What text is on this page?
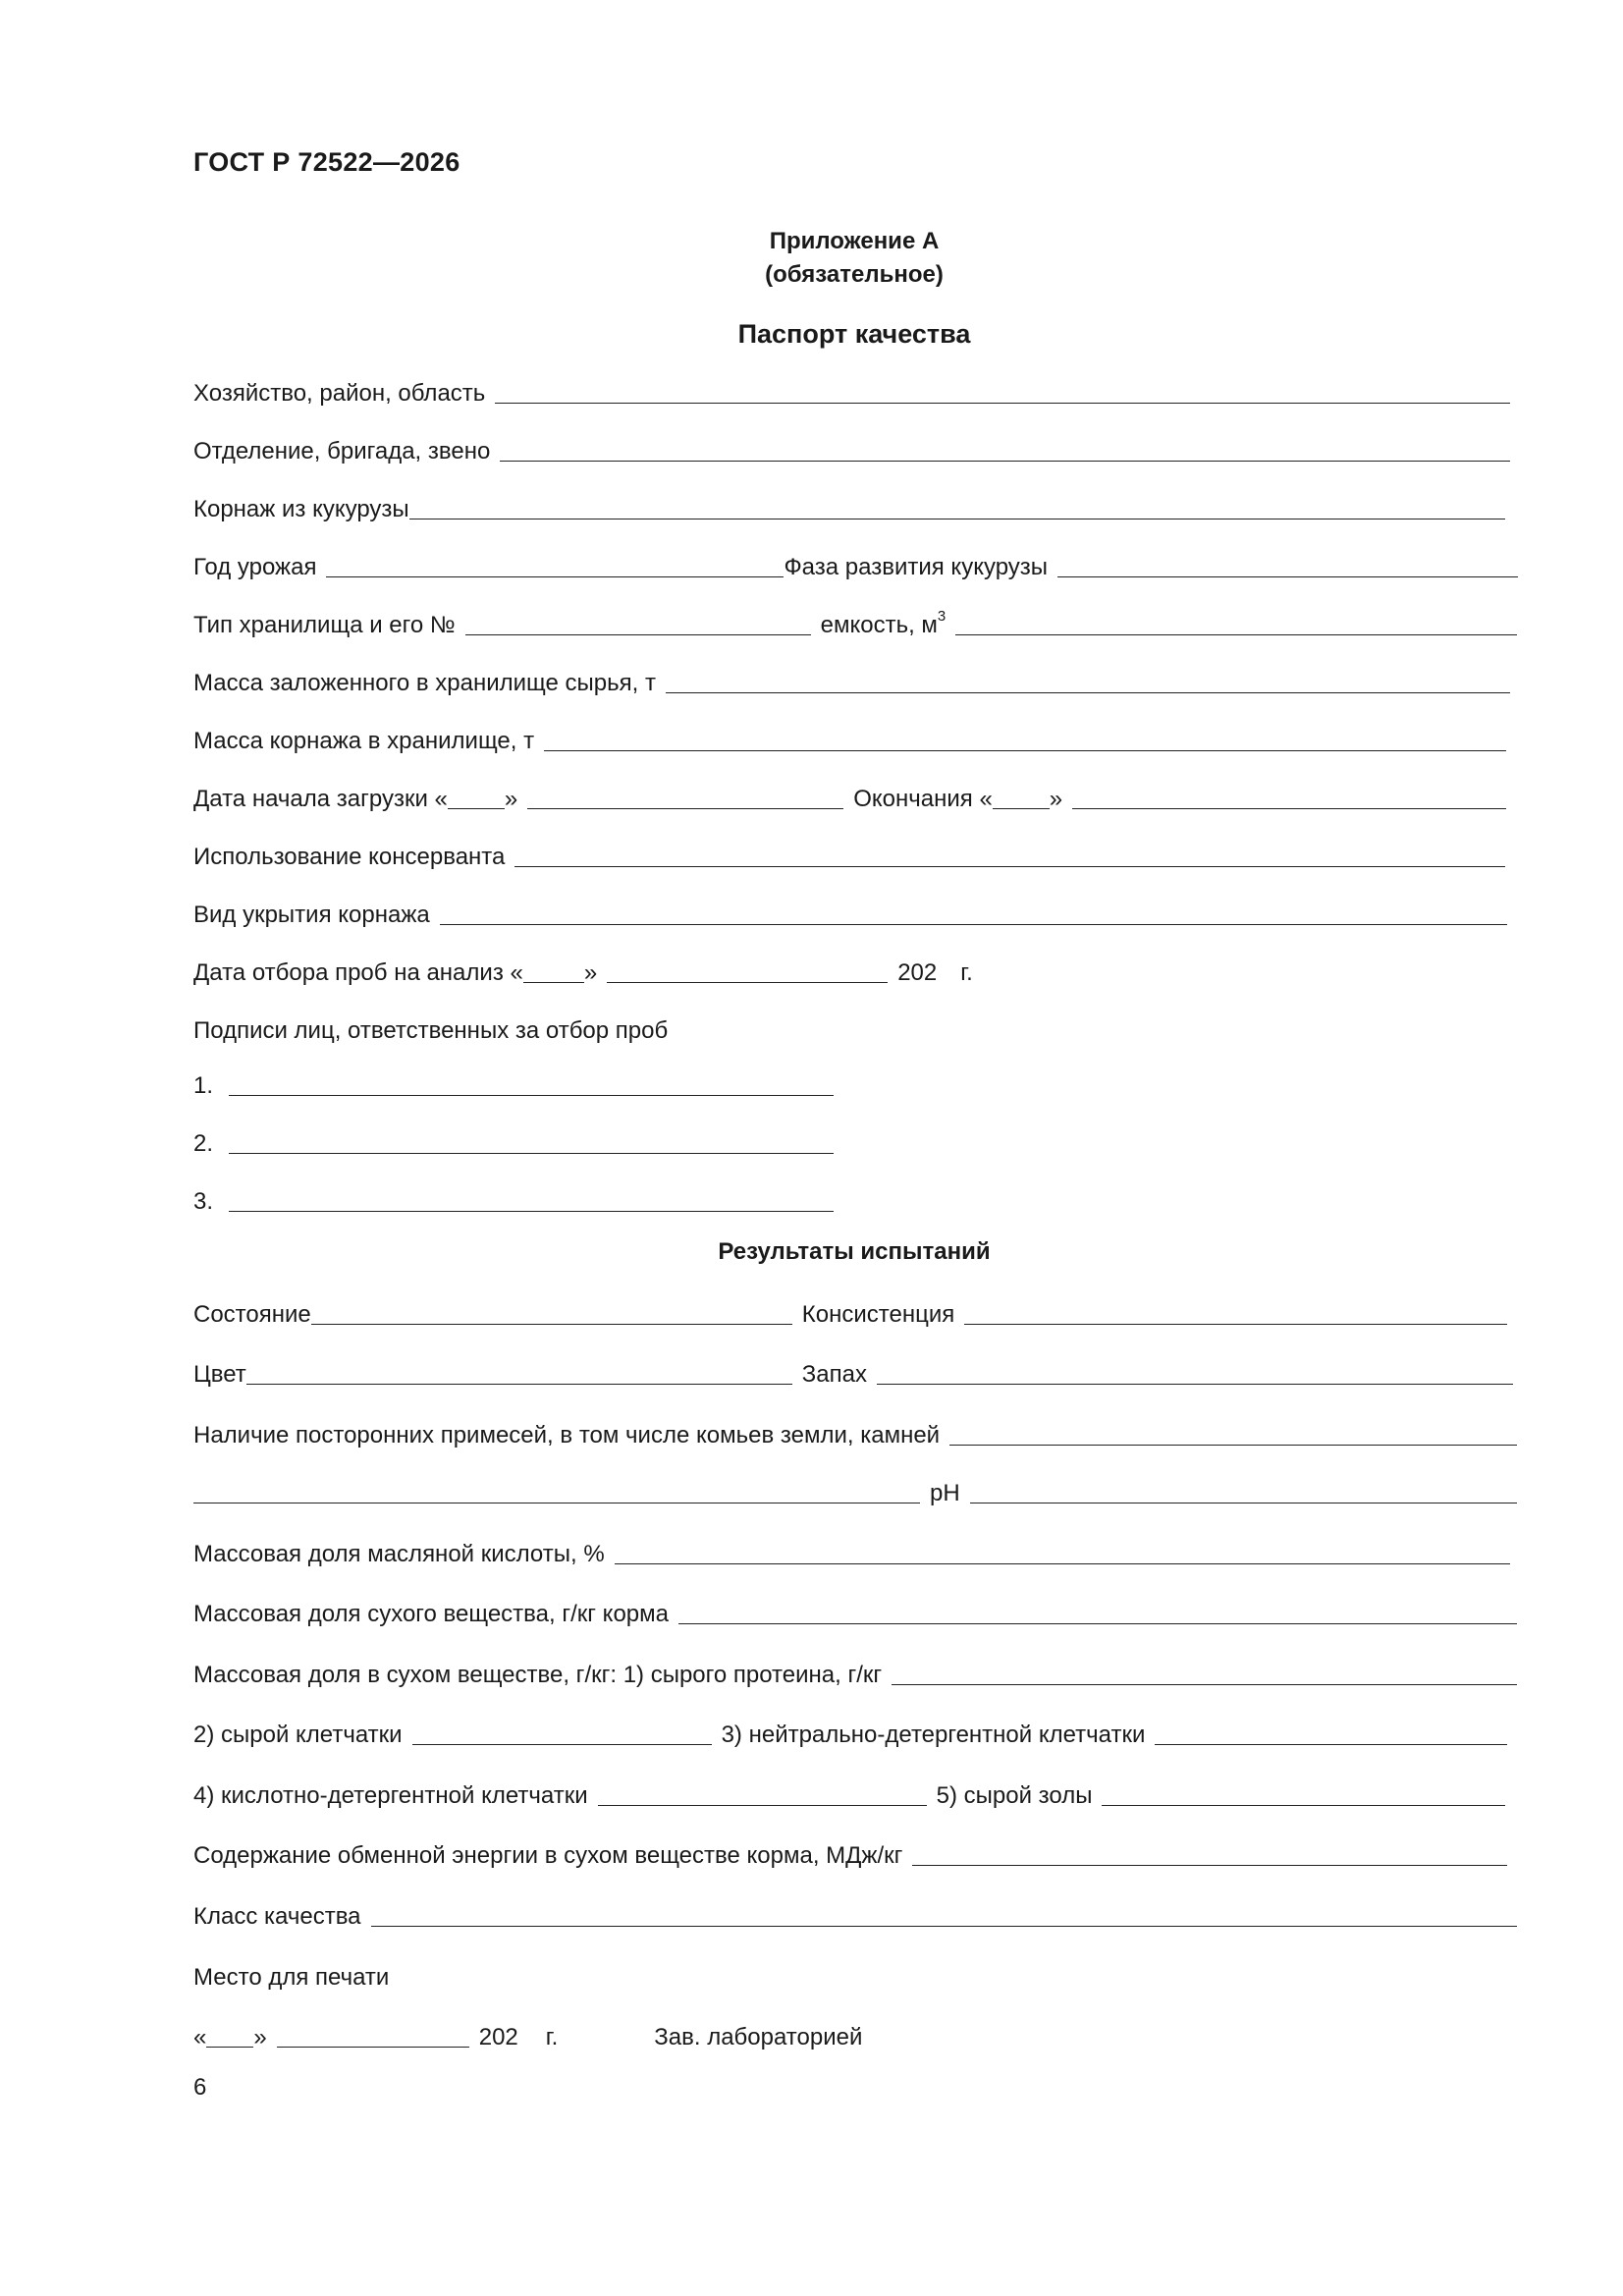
ГОСТ Р 72522—2026
Приложение А
(обязательное)
Паспорт качества
Хозяйство, район, область
Отделение, бригада, звено
Корнаж из кукурузы
Год урожая	Фаза развития кукурузы
Тип хранилища и его №	емкость, $м^3$
Масса заложенного в хранилище сырья, т
Масса корнажа в хранилище, т
Дата начала загрузки « »	Окончания « »
Использование консерванта
Вид укрытия корнажа
Дата отбора проб на анализ «	»	202 г.
Подписи лиц, ответственных за отбор проб
1.
2.
3.
Результаты испытаний
Состояние	Консистенция
Цвет	Запах
Наличие посторонних примесей, в том числе комьев земли, камней
pH
Массовая доля масляной кислоты, %
Массовая доля сухого вещества, г/кг корма
Массовая доля в сухом веществе, г/кг: 1) сырого протеина, г/кг
2) сырой клетчатки	3) нейтрально-детергентной клетчатки
4) кислотно-детергентной клетчатки	5) сырой золы
Содержание обменной энергии в сухом веществе корма, МДж/кг
Класс качества
Место для печати
« »	202 г.	Зав. лабораторией
6
